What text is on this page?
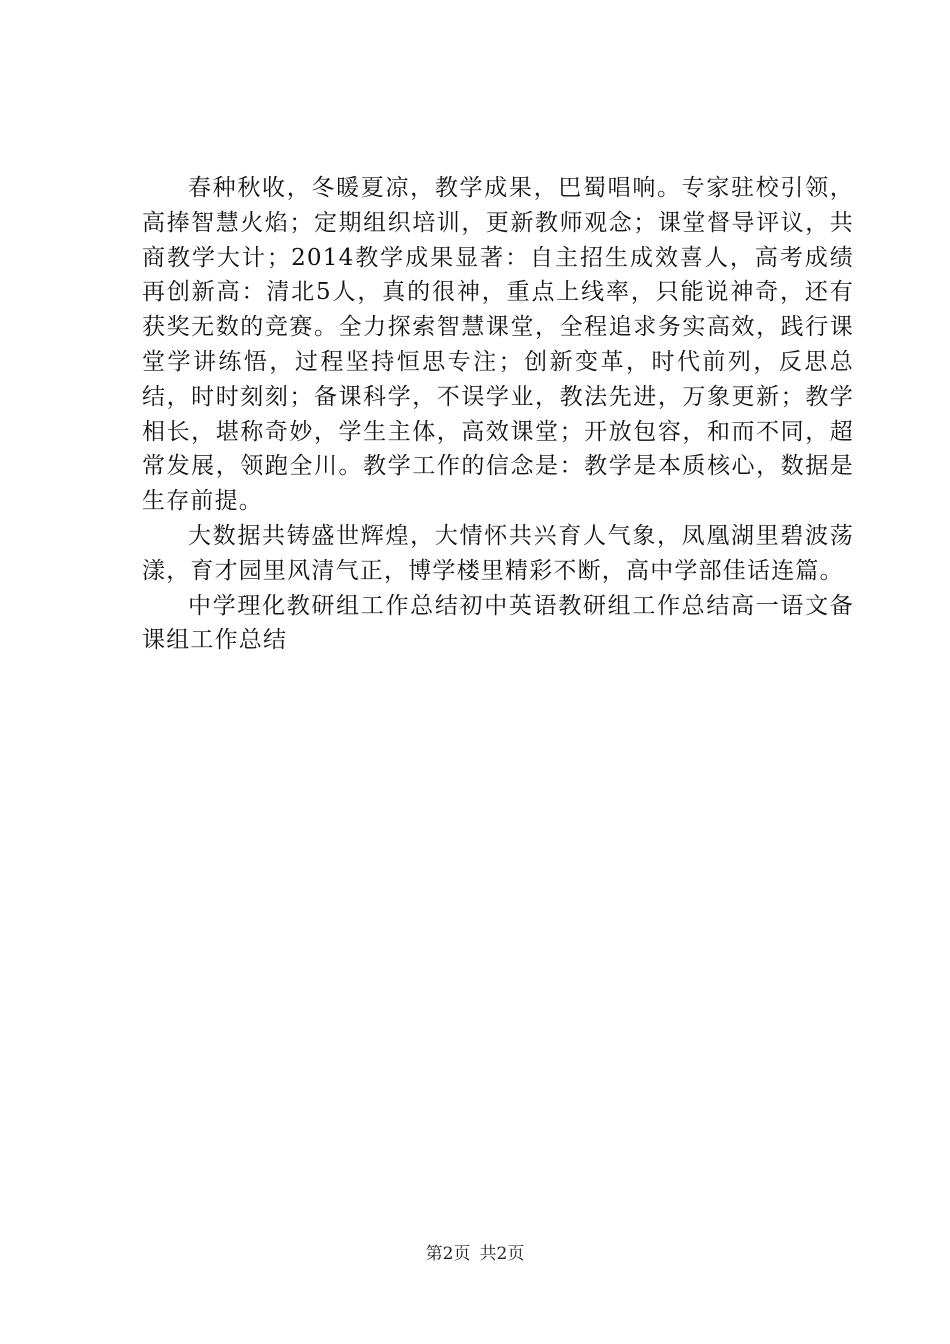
春种秋收，冬暖夏凉，教学成果，巴蜀唱响。专家驻校引领，高捧智慧火焰；定期组织培训，更新教师观念；课堂督导评议，共商教学大计；2014教学成果显著：自主招生成效喜人，高考成绩再创新高：清北5人，真的很神，重点上线率，只能说神奇，还有获奖无数的竞赛。全力探索智慧课堂，全程追求务实高效，践行课堂学讲练悟，过程坚持恒思专注；创新变革，时代前列，反思总结，时时刻刻；备课科学，不误学业，教法先进，万象更新；教学相长，堪称奇妙，学生主体，高效课堂；开放包容，和而不同，超常发展，领跑全川。教学工作的信念是：教学是本质核心，数据是生存前提。

大数据共铸盛世辉煌，大情怀共兴育人气象，凤凰湖里碧波荡漾，育才园里风清气正，博学楼里精彩不断，高中学部佳话连篇。

中学理化教研组工作总结初中英语教研组工作总结高一语文备课组工作总结

第2页 共2页
